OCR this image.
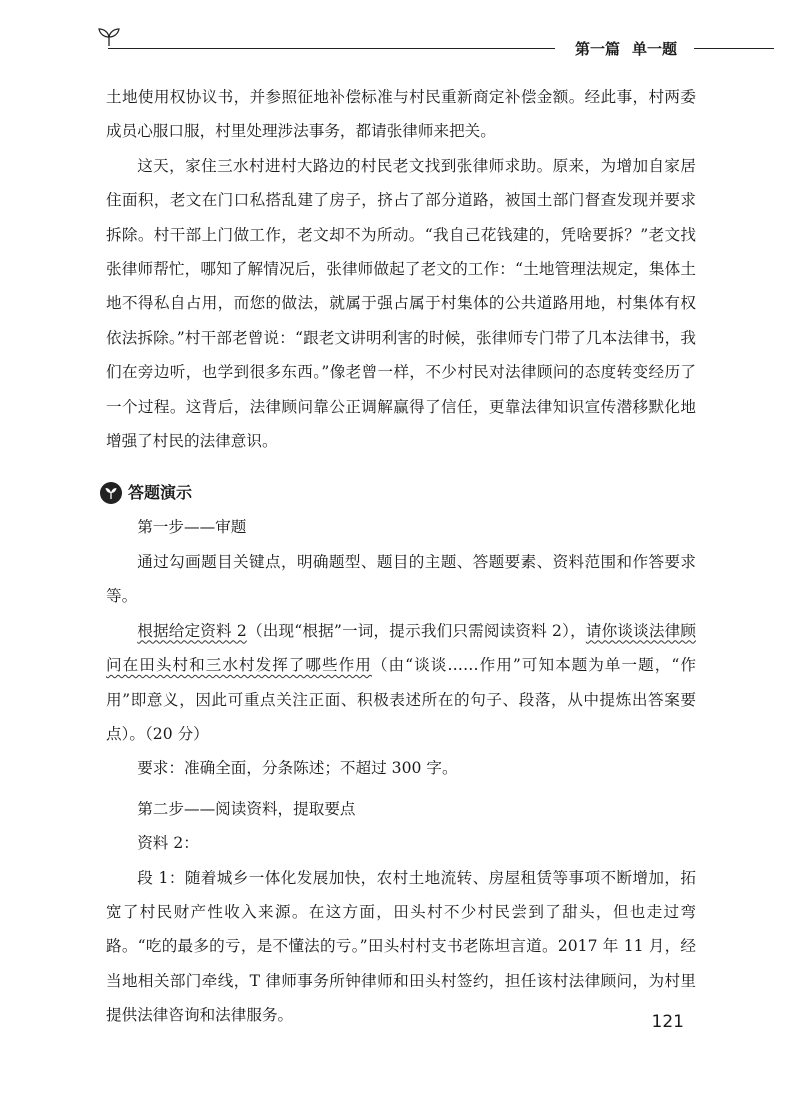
第一篇 单一题

土地使用权协议书，并参照征地补偿标准与村民重新商定补偿金额。经此事，村两委成员心服口服，村里处理涉法事务，都请张律师来把关。

这天，家住三水村进村大路边的村民老文找到张律师求助。原来，为增加自家居住面积，老文在门口私搭乱建了房子，挤占了部分道路，被国土部门督查发现并要求拆除。村干部上门做工作，老文却不为所动。“我自己花钱建的，凭啥要拆？”老文找张律师帮忙，哪知了解情况后，张律师做起了老文的工作：“土地管理法规定，集体土地不得私自占用，而您的做法，就属于强占属于村集体的公共道路用地，村集体有权依法拆除。”村干部老曾说：“跟老文讲明利害的时候，张律师专门带了几本法律书，我们在旁边听，也学到很多东西。”像老曾一样，不少村民对法律顾问的态度转变经历了一个过程。这背后，法律顾问靠公正调解赢得了信任，更靠法律知识宣传潜移默化地增强了村民的法律意识。

答题演示

第一步——审题

通过勾画题目关键点，明确题型、题目的主题、答题要素、资料范围和作答要求等。

根据给定资料 2（出现“根据”一词，提示我们只需阅读资料 2），请你谈谈法律顾问在田头村和三水村发挥了哪些作用（由“谈谈……作用”可知本题为单一题，“作用”即意义，因此可重点关注正面、积极表述所在的句子、段落，从中提炼出答案要点）。（20 分）

要求：准确全面，分条陈述；不超过 300 字。

第二步——阅读资料，提取要点

资料 2：

段 1：随着城乡一体化发展加快，农村土地流转、房屋租赁等事项不断增加，拓宽了村民财产性收入来源。在这方面，田头村不少村民尝到了甜头，但也走过弯路。“吃的最多的亏，是不懂法的亏。”田头村村支书老陈坦言道。2017 年 11 月，经当地相关部门牵线，T 律师事务所钟律师和田头村签约，担任该村法律顾问，为村里提供法律咨询和法律服务。	121
